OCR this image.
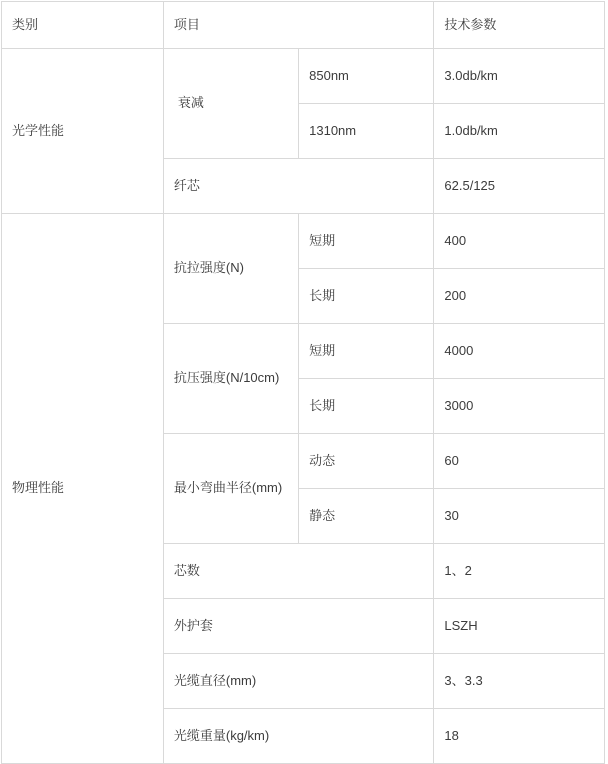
类别	项目		技术参数
光学性能	衰减	850nm	3.0db/km
		1310nm	1.0db/km
	纤芯		62.5/125
物理性能	抗拉强度(N)	短期	400
		长期	200
	抗压强度(N/10cm)	短期	4000
		长期	3000
	最小弯曲半径(mm)	动态	60
		静态	30
	芯数		1、2
	外护套		LSZH
	光缆直径(mm)		3、3.3
	光缆重量(kg/km)		18
